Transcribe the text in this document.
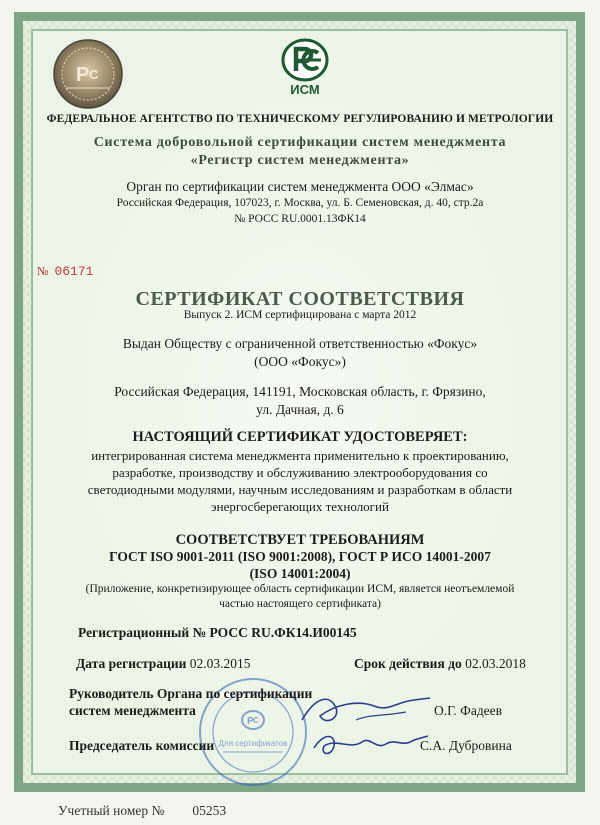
P C
ИСМ
ФЕДЕРАЛЬНОЕ АГЕНТСТВО ПО ТЕХНИЧЕСКОМУ РЕГУЛИРОВАНИЮ И МЕТРОЛОГИИ
Система добровольной сертификации систем менеджмента
«Регистр систем менеджмента»
Орган по сертификации систем менеджмента ООО «Элмас»
Российская Федерация, 107023, г. Москва, ул. Б. Семеновская, д. 40, стр.2а
№ РОСС RU.0001.13ФК14
№ 06171
СЕРТИФИКАТ СООТВЕТСТВИЯ
Выпуск 2. ИСМ сертифицирована с марта 2012
Выдан Обществу с ограниченной ответственностью «Фокус»
(ООО «Фокус»)
Российская Федерация, 141191, Московская область, г. Фрязино,
ул. Дачная, д. 6
НАСТОЯЩИЙ СЕРТИФИКАТ УДОСТОВЕРЯЕТ:
интегрированная система менеджмента применительно к проектированию,
разработке, производству и обслуживанию электрооборудования со
светодиодными модулями, научным исследованиям и разработкам в области
энергосберегающих технологий
СООТВЕТСТВУЕТ ТРЕБОВАНИЯМ
ГОСТ ISO 9001-2011 (ISO 9001:2008), ГОСТ Р ИСО 14001-2007
(ISO 14001:2004)
(Приложение, конкретизирующее область сертификации ИСМ, является неотъемлемой
частью настоящего сертификата)
Регистрационный № РОСС RU.ФК14.И00145
Дата регистрации 02.03.2015	Срок действия до 02.03.2018
Р С
Для сертификатов
Руководитель Органа по сертификации
систем менеджмента	О.Г. Фадеев
Председатель комиссии	С.А. Дубровина
Учетный номер № 05253
